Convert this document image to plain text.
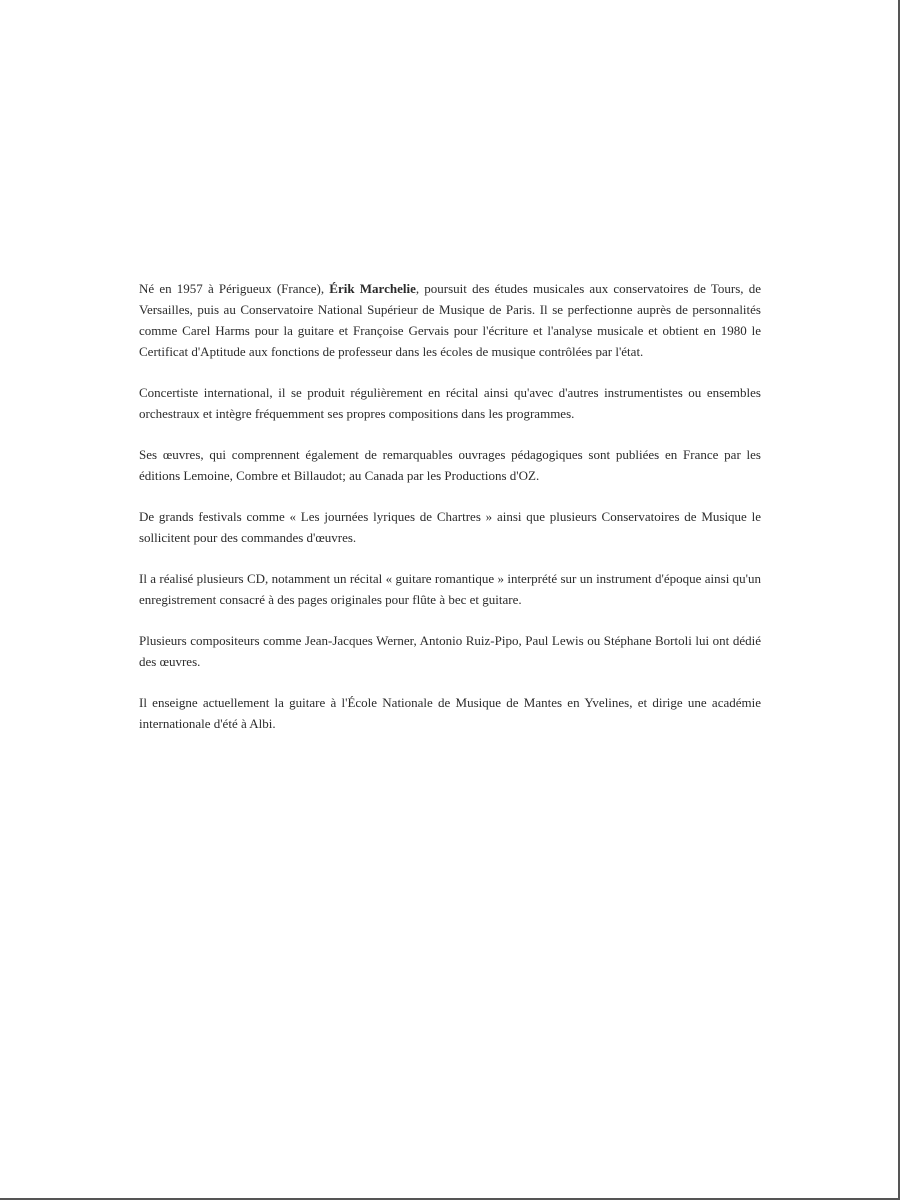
Né en 1957 à Périgueux (France), Érik Marchelie, poursuit des études musicales aux conservatoires de Tours, de Versailles, puis au Conservatoire National Supérieur de Musique de Paris. Il se perfectionne auprès de personnalités comme Carel Harms pour la guitare et Françoise Gervais pour l'écriture et l'analyse musicale et obtient en 1980 le Certificat d'Aptitude aux fonctions de professeur dans les écoles de musique contrôlées par l'état.

Concertiste international, il se produit régulièrement en récital ainsi qu'avec d'autres instrumentistes ou ensembles orchestraux et intègre fréquemment ses propres compositions dans les programmes.

Ses œuvres, qui comprennent également de remarquables ouvrages pédagogiques sont publiées en France par les éditions Lemoine, Combre et Billaudot; au Canada par les Productions d'OZ.

De grands festivals comme « Les journées lyriques de Chartres » ainsi que plusieurs Conservatoires de Musique le sollicitent pour des commandes d'œuvres.

Il a réalisé plusieurs CD, notamment un récital « guitare romantique » interprété sur un instrument d'époque ainsi qu'un enregistrement consacré à des pages originales pour flûte à bec et guitare.

Plusieurs compositeurs comme Jean-Jacques Werner, Antonio Ruiz-Pipo, Paul Lewis ou Stéphane Bortoli lui ont dédié des œuvres.

Il enseigne actuellement la guitare à l'École Nationale de Musique de Mantes en Yvelines, et dirige une académie internationale d'été à Albi.
